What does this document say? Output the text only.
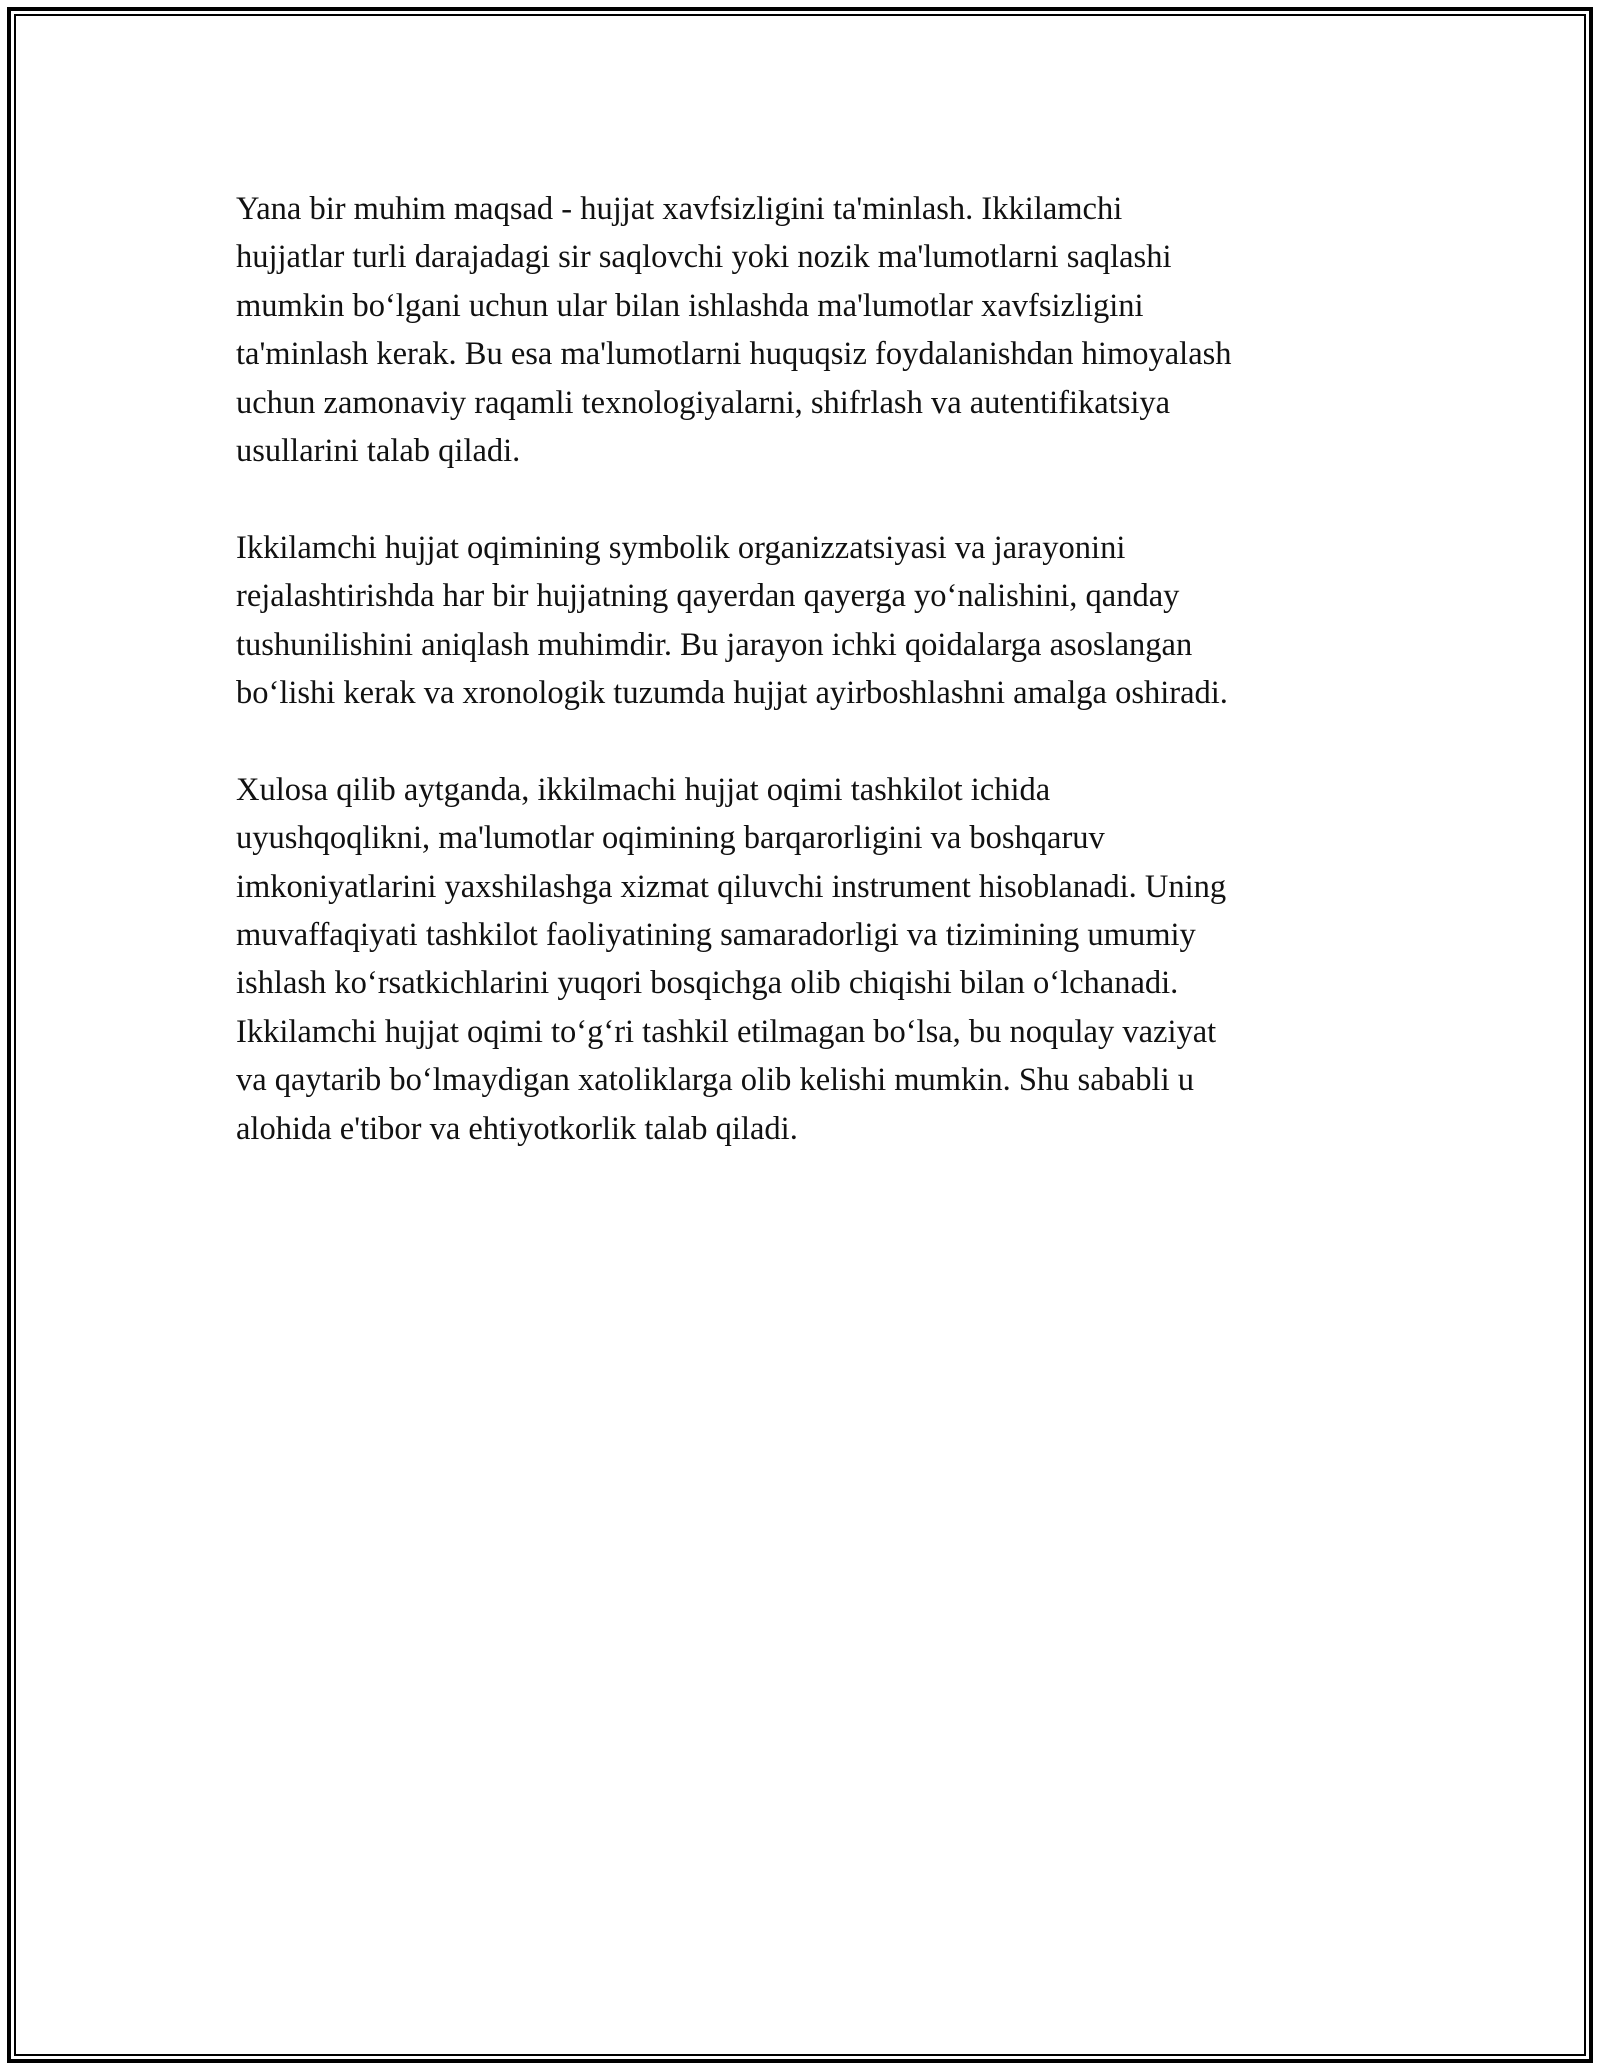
Yana bir muhim maqsad - hujjat xavfsizligini ta'minlash. Ikkilamchi
hujjatlar turli darajadagi sir saqlovchi yoki nozik ma'lumotlarni saqlashi
mumkin bo‘lgani uchun ular bilan ishlashda ma'lumotlar xavfsizligini
ta'minlash kerak. Bu esa ma'lumotlarni huquqsiz foydalanishdan himoyalash
uchun zamonaviy raqamli texnologiyalarni, shifrlash va autentifikatsiya
usullarini talab qiladi.

Ikkilamchi hujjat oqimining symbolik organizzatsiyasi va jarayonini
rejalashtirishda har bir hujjatning qayerdan qayerga yo‘nalishini, qanday
tushunilishini aniqlash muhimdir. Bu jarayon ichki qoidalarga asoslangan
bo‘lishi kerak va xronologik tuzumda hujjat ayirboshlashni amalga oshiradi.

Xulosa qilib aytganda, ikkilmachi hujjat oqimi tashkilot ichida
uyushqoqlikni, ma'lumotlar oqimining barqarorligini va boshqaruv
imkoniyatlarini yaxshilashga xizmat qiluvchi instrument hisoblanadi. Uning
muvaffaqiyati tashkilot faoliyatining samaradorligi va tizimining umumiy
ishlash ko‘rsatkichlarini yuqori bosqichga olib chiqishi bilan o‘lchanadi.
Ikkilamchi hujjat oqimi to‘g‘ri tashkil etilmagan bo‘lsa, bu noqulay vaziyat
va qaytarib bo‘lmaydigan xatoliklarga olib kelishi mumkin. Shu sababli u
alohida e'tibor va ehtiyotkorlik talab qiladi.
